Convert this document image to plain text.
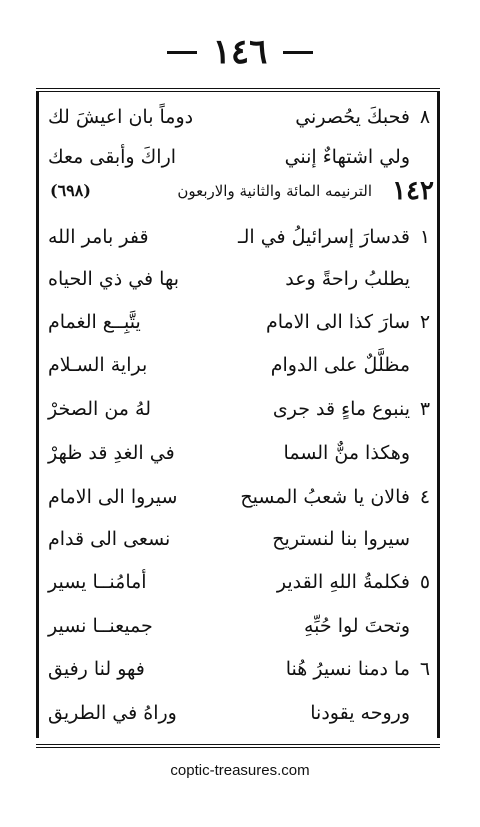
١٤٦
٨
فحبكَ يحُصرني
دوماً بان اعيشَ لك
ولي اشتهاءٌ إنني
اراكَ وأبقى معك
١٤٢
الترنيمه المائة والثانية والاربعون
(٦٩٨)
١
قدسارَ إسرائيلُ في الـ
قفر بامر الله
يطلبُ راحةً وعد
بها في ذي الحياه
٢
سارَ كذا الى الامام
يتَّبِــع الغمام
مظلَّلٌ على الدوام
براية السـلام
٣
ينبوع ماءٍ قد جرى
لهُ من الصخرْ
وهكذا منٌّ السما
في الغدِ قد ظهرْ
٤
فالان يا شعبُ المسيح
سيروا الى الامام
سيروا بنا لنستريح
نسعى الى قدام
٥
فكلمةُ اللهِ القدير
أمامُنــا يسير
وتحتَ لوا حُبِّهِ
جميعنــا نسير
٦
ما دمنا نسيرُ هُنا
فهو لنا رفيق
وروحه يقودنا
وراهُ في الطريق
coptic-treasures.com
